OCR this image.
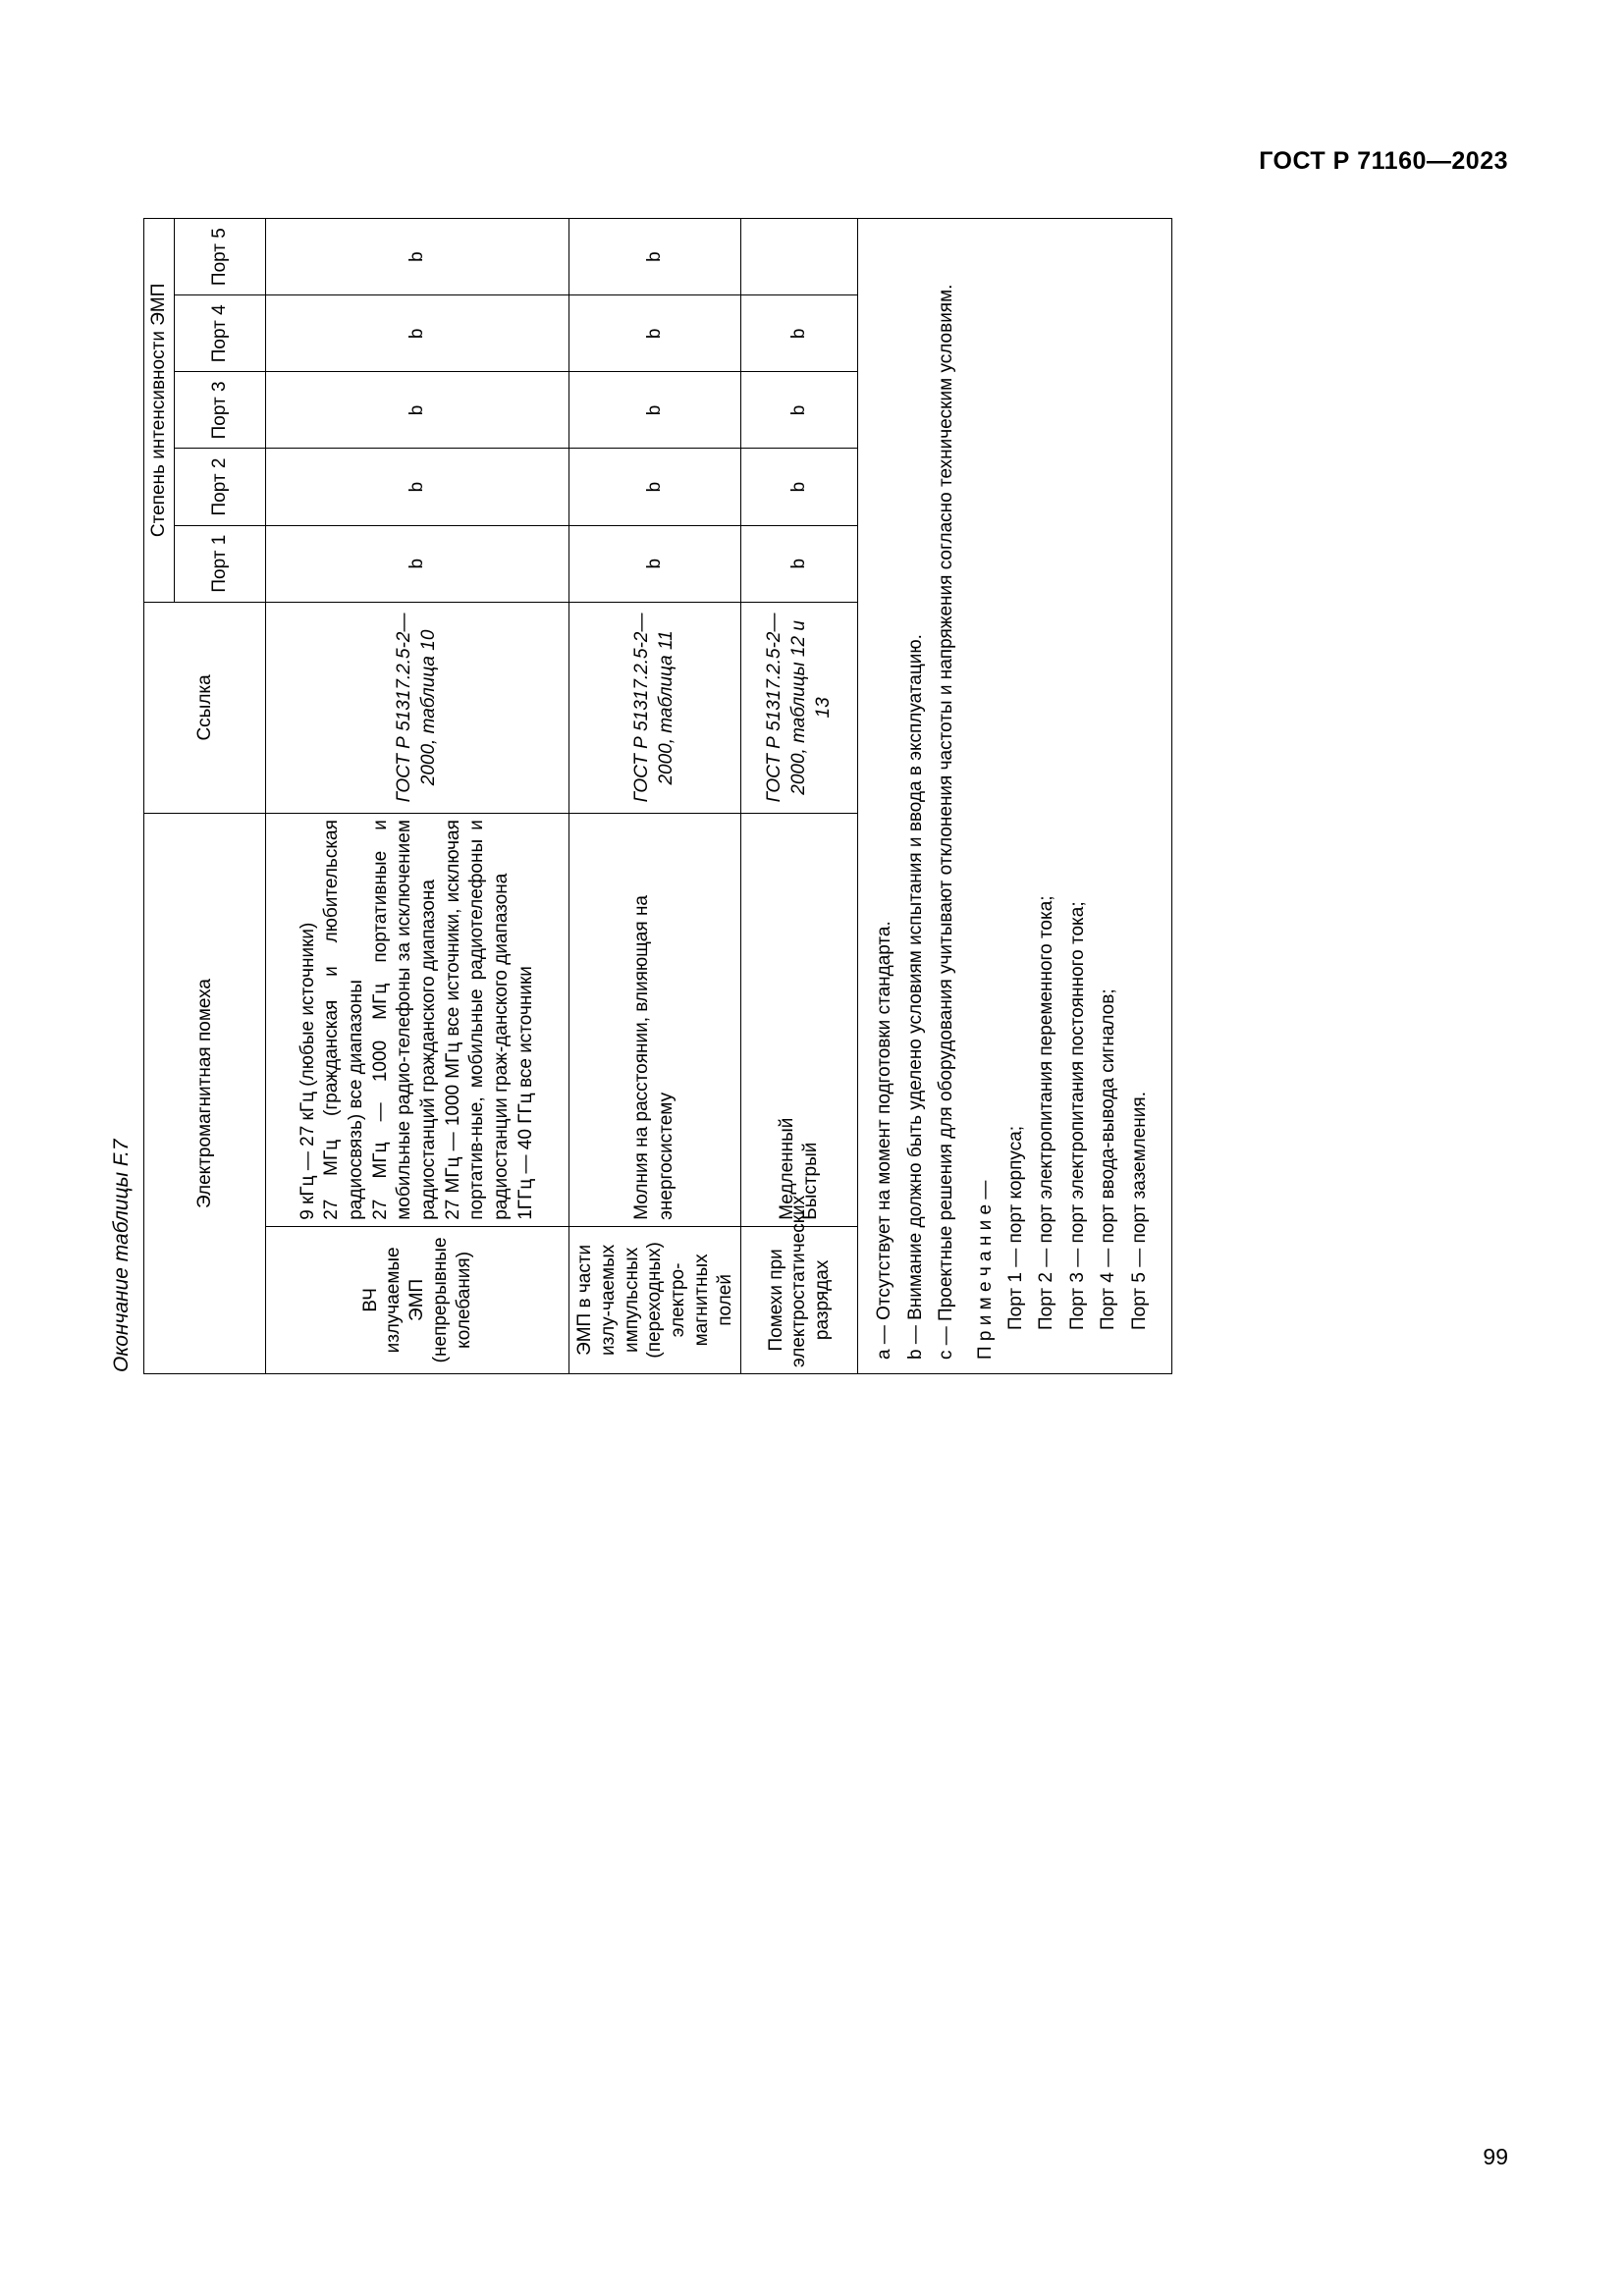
ГОСТ Р 71160—2023
99
Окончание таблицы F.7
Электромагнитная помеха		Ссылка	Степень интенсивности ЭМП				
			Порт 1	Порт 2	Порт 3	Порт 4	Порт 5
ВЧ излучаемые ЭМП (непрерывные колебания)	9 кГц — 27 кГц (любые источники) 27 МГц (гражданская и любительская радиосвязь) все диапазоны 27 МГц — 1000 МГц портативные и мобильные радио-телефоны за исключением радиостанций гражданского диапазона 27 МГц — 1000 МГц все источники, исключая портатив-ные, мобильные радиотелефоны и радиостанции граж-данского диапазона 1ГГц — 40 ГГц все источники	ГОСТ Р 51317.2.5-2—2000, таблица 10	b	b	b	b	b
ЭМП в части излу-чаемых импульсных (переходных) электро-магнитных полей	Молния на расстоянии, влияющая на энергосистему	ГОСТ Р 51317.2.5-2—2000, таблица 11	b	b	b	b	b
Помехи при электростатических разрядах	Медленный Быстрый	ГОСТ Р 51317.2.5-2—2000, таблицы 12 и 13	b	b	b	b	

a — Отсутствует на момент подготовки стандарта. b — Внимание должно быть уделено условиям испытания и ввода в эксплуатацию. c — Проектные решения для оборудования учитывают отклонения частоты и напряжения согласно техническим условиям. П р и м е ч а н и е — Порт 1 — порт корпуса; Порт 2 — порт электропитания переменного тока; Порт 3 — порт электропитания постоянного тока; Порт 4 — порт ввода-вывода сигналов; Порт 5 — порт заземления.
